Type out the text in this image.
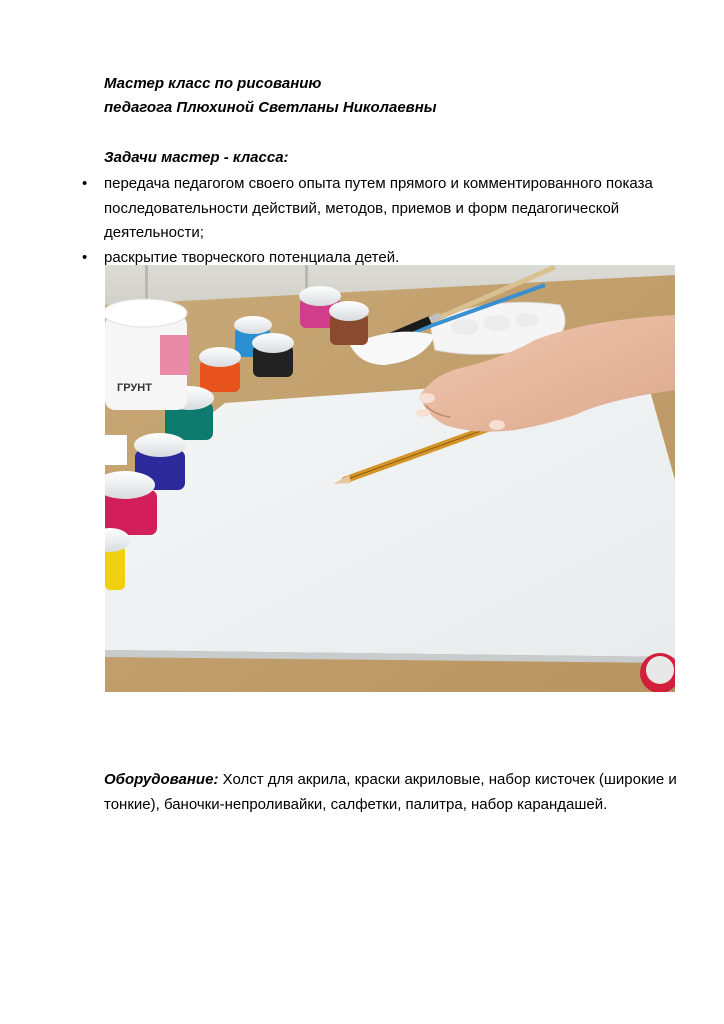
Мастер класс по рисованию
педагога Плюхиной Светланы Николаевны
Задачи мастер - класса:
• передача педагогом своего опыта путем прямого и комментированного показа последовательности действий, методов, приемов и форм педагогической деятельности;
• раскрытие творческого потенциала детей.
ГРУНТ
Оборудование: Холст для акрила, краски акриловые, набор кисточек (широкие и тонкие), баночки-непроливайки, салфетки, палитра, набор карандашей.
